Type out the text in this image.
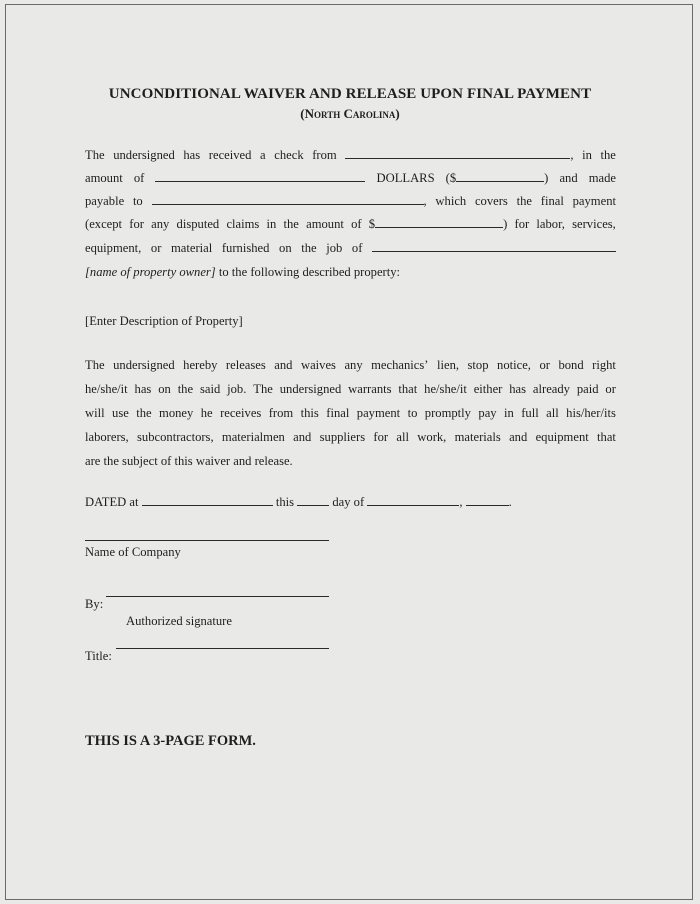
UNCONDITIONAL WAIVER AND RELEASE UPON FINAL PAYMENT
(North Carolina)
The undersigned has received a check from	, in the
amount of	DOLLARS ($	) and made
payable to	, which covers the final payment
(except for any disputed claims in the amount of $	) for labor, services,
equipment, or material furnished on the job of
[name of property owner] to the following described property:
[Enter Description of Property]
The undersigned hereby releases and waives any mechanics’ lien, stop notice, or bond right
he/she/it has on the said job. The undersigned warrants that he/she/it either has already paid or
will use the money he receives from this final payment to promptly pay in full all his/her/its
laborers, subcontractors, materialmen and suppliers for all work, materials and equipment that
are the subject of this waiver and release.
DATED at	this	day of	,	.
Name of Company
By:
Authorized signature
Title:
THIS IS A 3-PAGE FORM.
